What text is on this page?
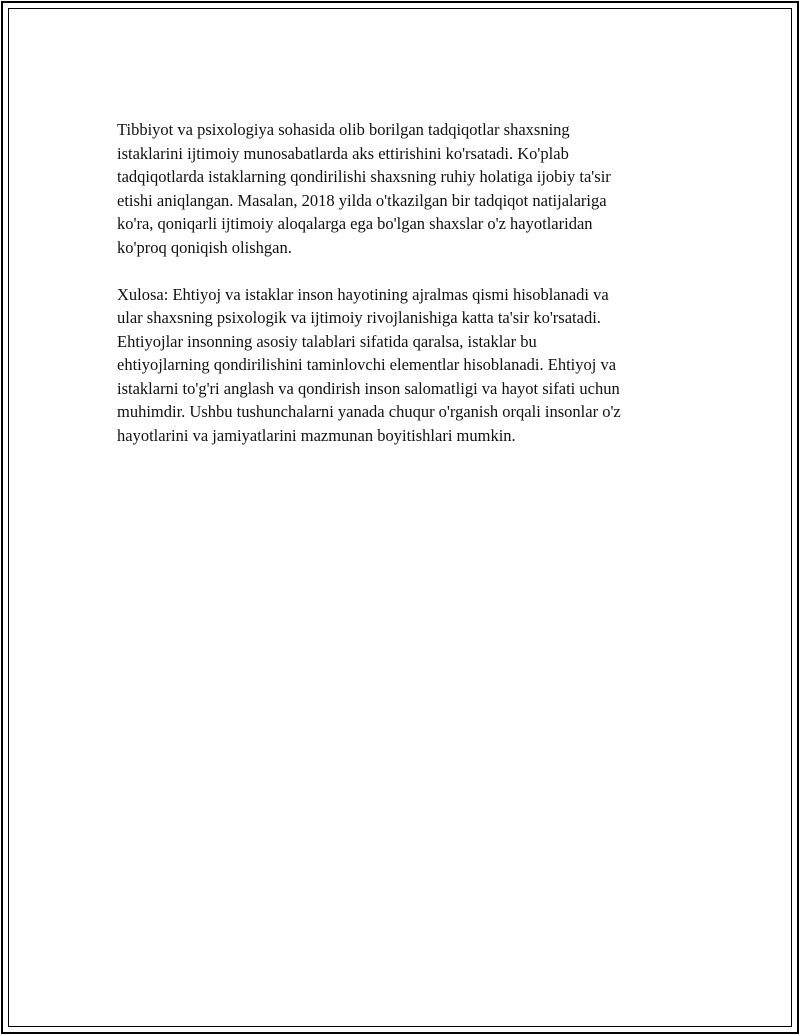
Tibbiyot va psixologiya sohasida olib borilgan tadqiqotlar shaxsning
istaklarini ijtimoiy munosabatlarda aks ettirishini ko'rsatadi. Ko'plab
tadqiqotlarda istaklarning qondirilishi shaxsning ruhiy holatiga ijobiy ta'sir
etishi aniqlangan. Masalan, 2018 yilda o'tkazilgan bir tadqiqot natijalariga
ko'ra, qoniqarli ijtimoiy aloqalarga ega bo'lgan shaxslar o'z hayotlaridan
ko'proq qoniqish olishgan.

Xulosa: Ehtiyoj va istaklar inson hayotining ajralmas qismi hisoblanadi va
ular shaxsning psixologik va ijtimoiy rivojlanishiga katta ta'sir ko'rsatadi.
Ehtiyojlar insonning asosiy talablari sifatida qaralsa, istaklar bu
ehtiyojlarning qondirilishini taminlovchi elementlar hisoblanadi. Ehtiyoj va
istaklarni to'g'ri anglash va qondirish inson salomatligi va hayot sifati uchun
muhimdir. Ushbu tushunchalarni yanada chuqur o'rganish orqali insonlar o'z
hayotlarini va jamiyatlarini mazmunan boyitishlari mumkin.
